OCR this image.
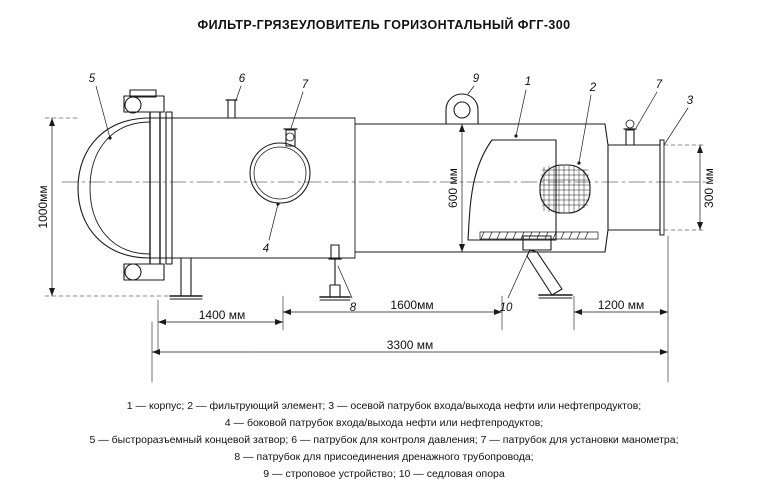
ФИЛЬТР-ГРЯЗЕУЛОВИТЕЛЬ ГОРИЗОНТАЛЬНЫЙ ФГГ-300
1000мм	600 мм	300 мм
1400 мм
1600мм	1200 мм
3300 мм
5	6	7	9	1	2	7
3
4
8	10
1 — корпус; 2 — фильтрующий элемент; 3 — осевой патрубок входа/выхода нефти или нефтепродуктов;
4 — боковой патрубок входа/выхода нефти или нефтепродуктов;
5 — быстроразъемный концевой затвор; 6 — патрубок для контроля давления; 7 — патрубок для установки манометра;
8 — патрубок для присоединения дренажного трубопровода;
9 — строповое устройство; 10 — седловая опора
